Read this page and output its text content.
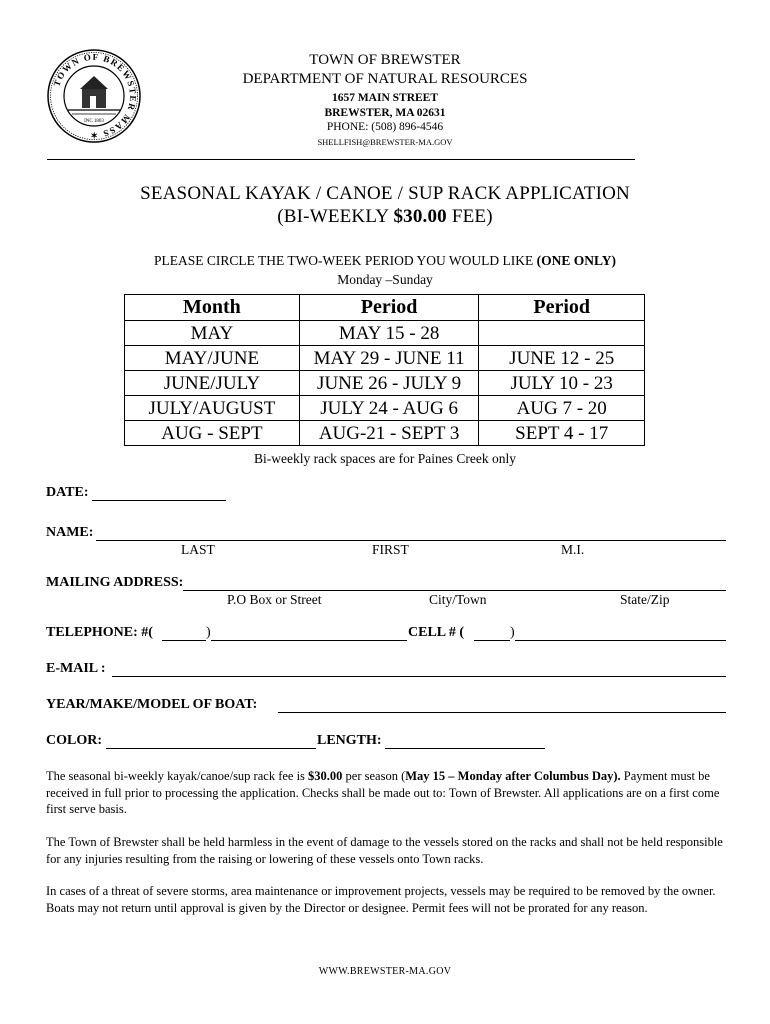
TOWN OF BREWSTER MASS ✶
INC 1803
TOWN OF BREWSTER
DEPARTMENT OF NATURAL RESOURCES
1657 MAIN STREET
BREWSTER, MA 02631
PHONE: (508) 896-4546
SHELLFISH@BREWSTER-MA.GOV
SEASONAL KAYAK / CANOE / SUP RACK APPLICATION
(BI-WEEKLY $30.00 FEE)
PLEASE CIRCLE THE TWO-WEEK PERIOD YOU WOULD LIKE (ONE ONLY)
Monday –Sunday
Month	Period	Period
MAY	MAY 15 - 28	
MAY/JUNE	MAY 29 - JUNE 11	JUNE 12 - 25
JUNE/JULY	JUNE 26 - JULY 9	JULY 10 - 23
JULY/AUGUST	JULY 24 - AUG 6	AUG 7 - 20
AUG - SEPT	AUG-21 - SEPT 3	SEPT 4 - 17
Bi-weekly rack spaces are for Paines Creek only
DATE:
NAME:
LAST	FIRST	M.I.
MAILING ADDRESS:
P.O Box or Street	City/Town	State/Zip
TELEPHONE: #(	)	CELL # (	)
E-MAIL :
YEAR/MAKE/MODEL OF BOAT:
COLOR:	LENGTH:
The seasonal bi-weekly kayak/canoe/sup rack fee is $30.00 per season (May 15 – Monday after Columbus Day). Payment must be received in full prior to processing the application. Checks shall be made out to: Town of Brewster. All applications are on a first come first serve basis.
The Town of Brewster shall be held harmless in the event of damage to the vessels stored on the racks and shall not be held responsible for any injuries resulting from the raising or lowering of these vessels onto Town racks.
In cases of a threat of severe storms, area maintenance or improvement projects, vessels may be required to be removed by the owner. Boats may not return until approval is given by the Director or designee. Permit fees will not be prorated for any reason.
WWW.BREWSTER-MA.GOV
